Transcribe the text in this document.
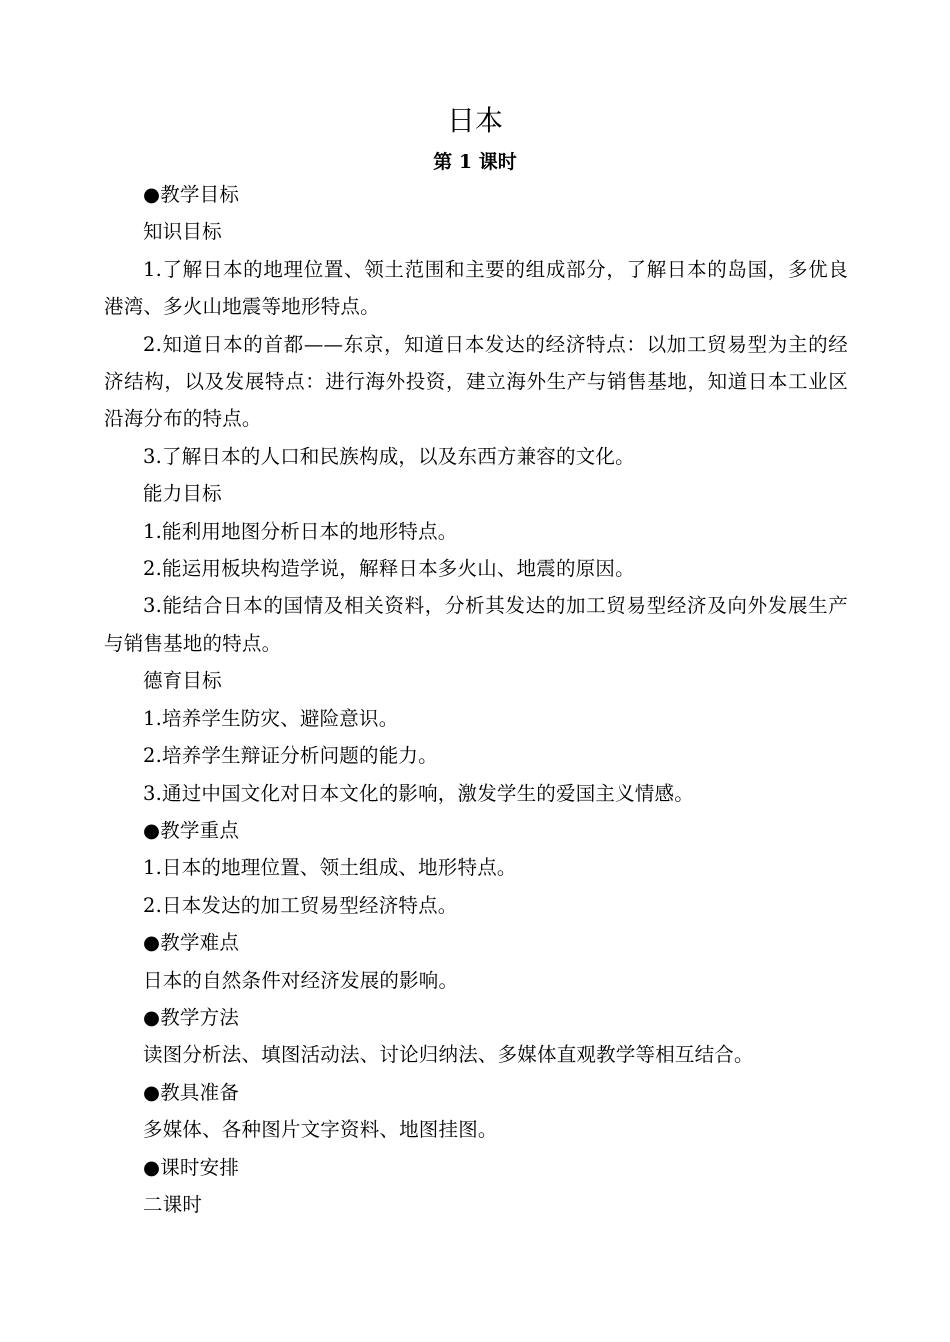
日本
第 1 课时

●教学目标

知识目标

1.了解日本的地理位置、领土范围和主要的组成部分，了解日本的岛国，多优良港湾、多火山地震等地形特点。

2.知道日本的首都——东京，知道日本发达的经济特点：以加工贸易型为主的经济结构，以及发展特点：进行海外投资，建立海外生产与销售基地，知道日本工业区沿海分布的特点。

3.了解日本的人口和民族构成，以及东西方兼容的文化。

能力目标

1.能利用地图分析日本的地形特点。

2.能运用板块构造学说，解释日本多火山、地震的原因。

3.能结合日本的国情及相关资料，分析其发达的加工贸易型经济及向外发展生产与销售基地的特点。

德育目标

1.培养学生防灾、避险意识。

2.培养学生辩证分析问题的能力。

3.通过中国文化对日本文化的影响，激发学生的爱国主义情感。

●教学重点

1.日本的地理位置、领土组成、地形特点。

2.日本发达的加工贸易型经济特点。

●教学难点

日本的自然条件对经济发展的影响。

●教学方法

读图分析法、填图活动法、讨论归纳法、多媒体直观教学等相互结合。

●教具准备

多媒体、各种图片文字资料、地图挂图。

●课时安排

二课时
